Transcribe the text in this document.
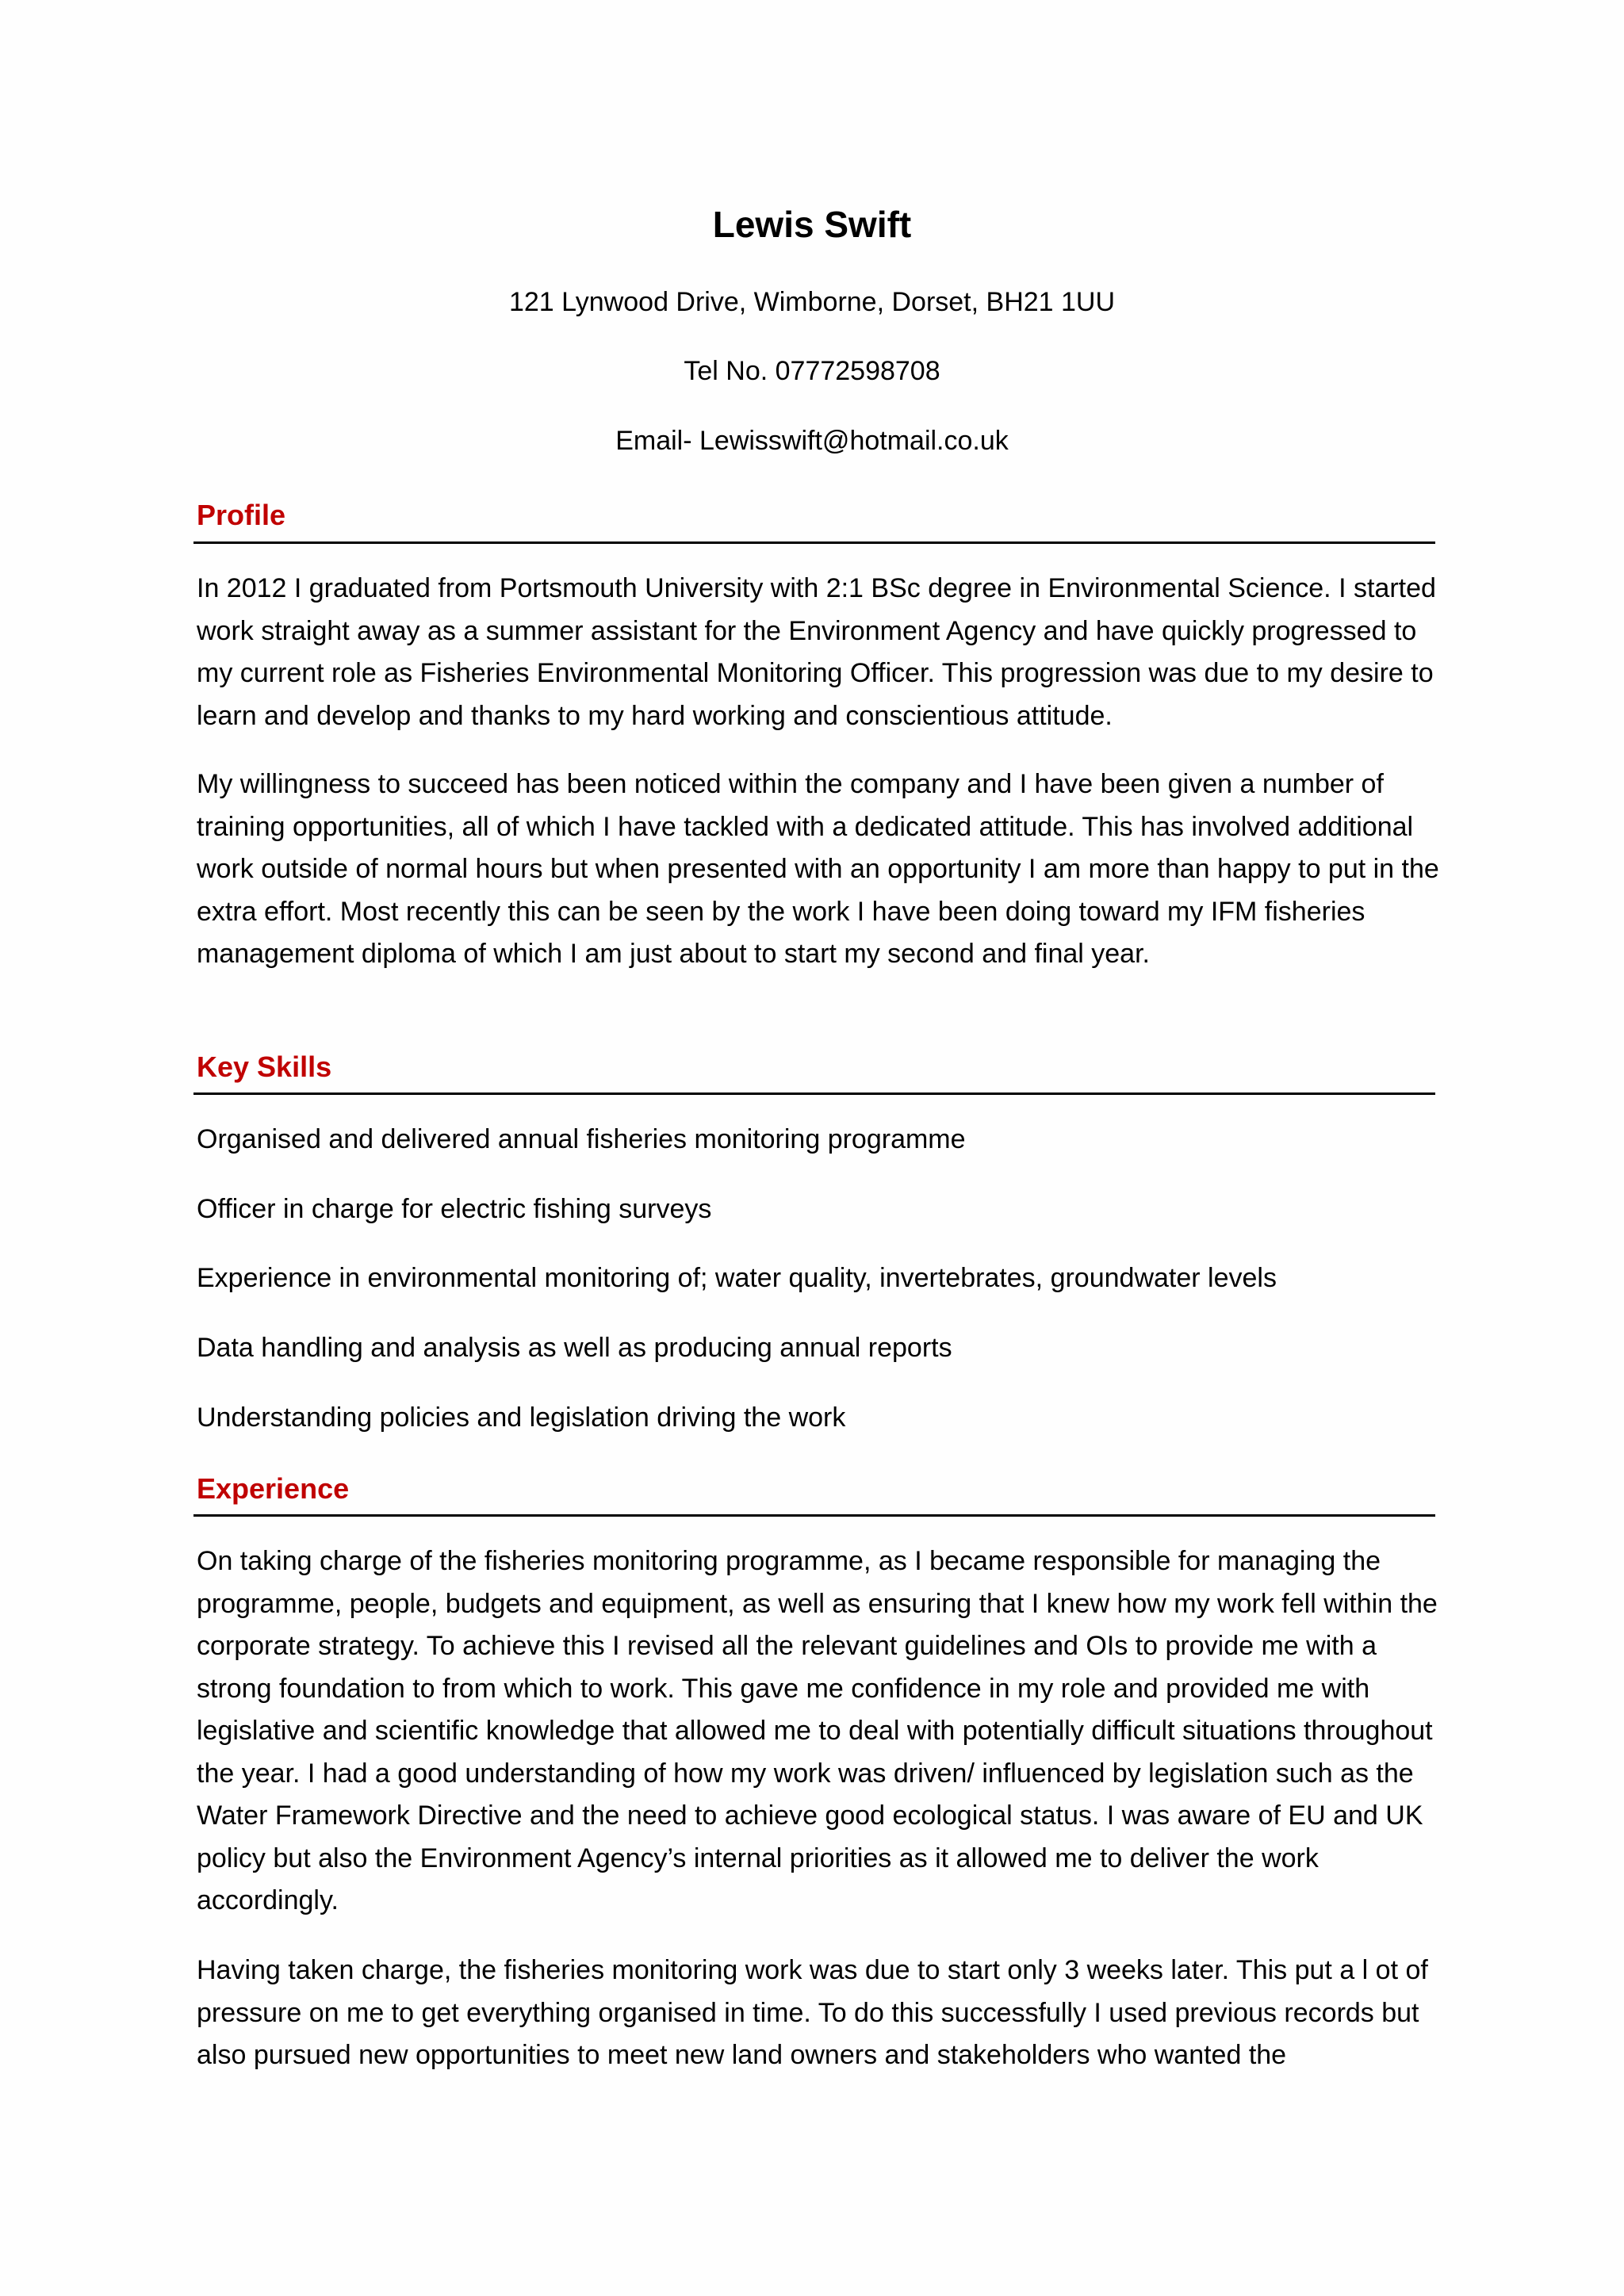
Lewis Swift
121 Lynwood Drive, Wimborne, Dorset, BH21 1UU
Tel No. 07772598708
Email- Lewisswift@hotmail.co.uk
Profile

In 2012 I graduated from Portsmouth University with 2:1 BSc degree in Environmental Science. I started work straight away as a summer assistant for the Environment Agency and have quickly progressed to my current role as Fisheries Environmental Monitoring Officer. This progression was due to my desire to learn and develop and thanks to my hard working and conscientious attitude.

My willingness to succeed has been noticed within the company and I have been given a number of training opportunities, all of which I have tackled with a dedicated attitude. This has involved additional work outside of normal hours but when presented with an opportunity I am more than happy to put in the extra effort. Most recently this can be seen by the work I have been doing toward my IFM fisheries management diploma of which I am just about to start my second and final year.

Key Skills
Organised and delivered annual fisheries monitoring programme
Officer in charge for electric fishing surveys
Experience in environmental monitoring of; water quality, invertebrates, groundwater levels
Data handling and analysis as well as producing annual reports
Understanding policies and legislation driving the work
Experience

On taking charge of the fisheries monitoring programme, as I became responsible for managing the programme, people, budgets and equipment, as well as ensuring that I knew how my work fell within the corporate strategy. To achieve this I revised all the relevant guidelines and OIs to provide me with a strong foundation to from which to work. This gave me confidence in my role and provided me with legislative and scientific knowledge that allowed me to deal with potentially difficult situations throughout the year. I had a good understanding of how my work was driven/ influenced by legislation such as the Water Framework Directive and the need to achieve good ecological status. I was aware of EU and UK policy but also the Environment Agency’s internal priorities as it allowed me to deliver the work accordingly.

Having taken charge, the fisheries monitoring work was due to start only 3 weeks later. This put a l ot of pressure on me to get everything organised in time. To do this successfully I used previous records but also pursued new opportunities to meet new land owners and stakeholders who wanted the
